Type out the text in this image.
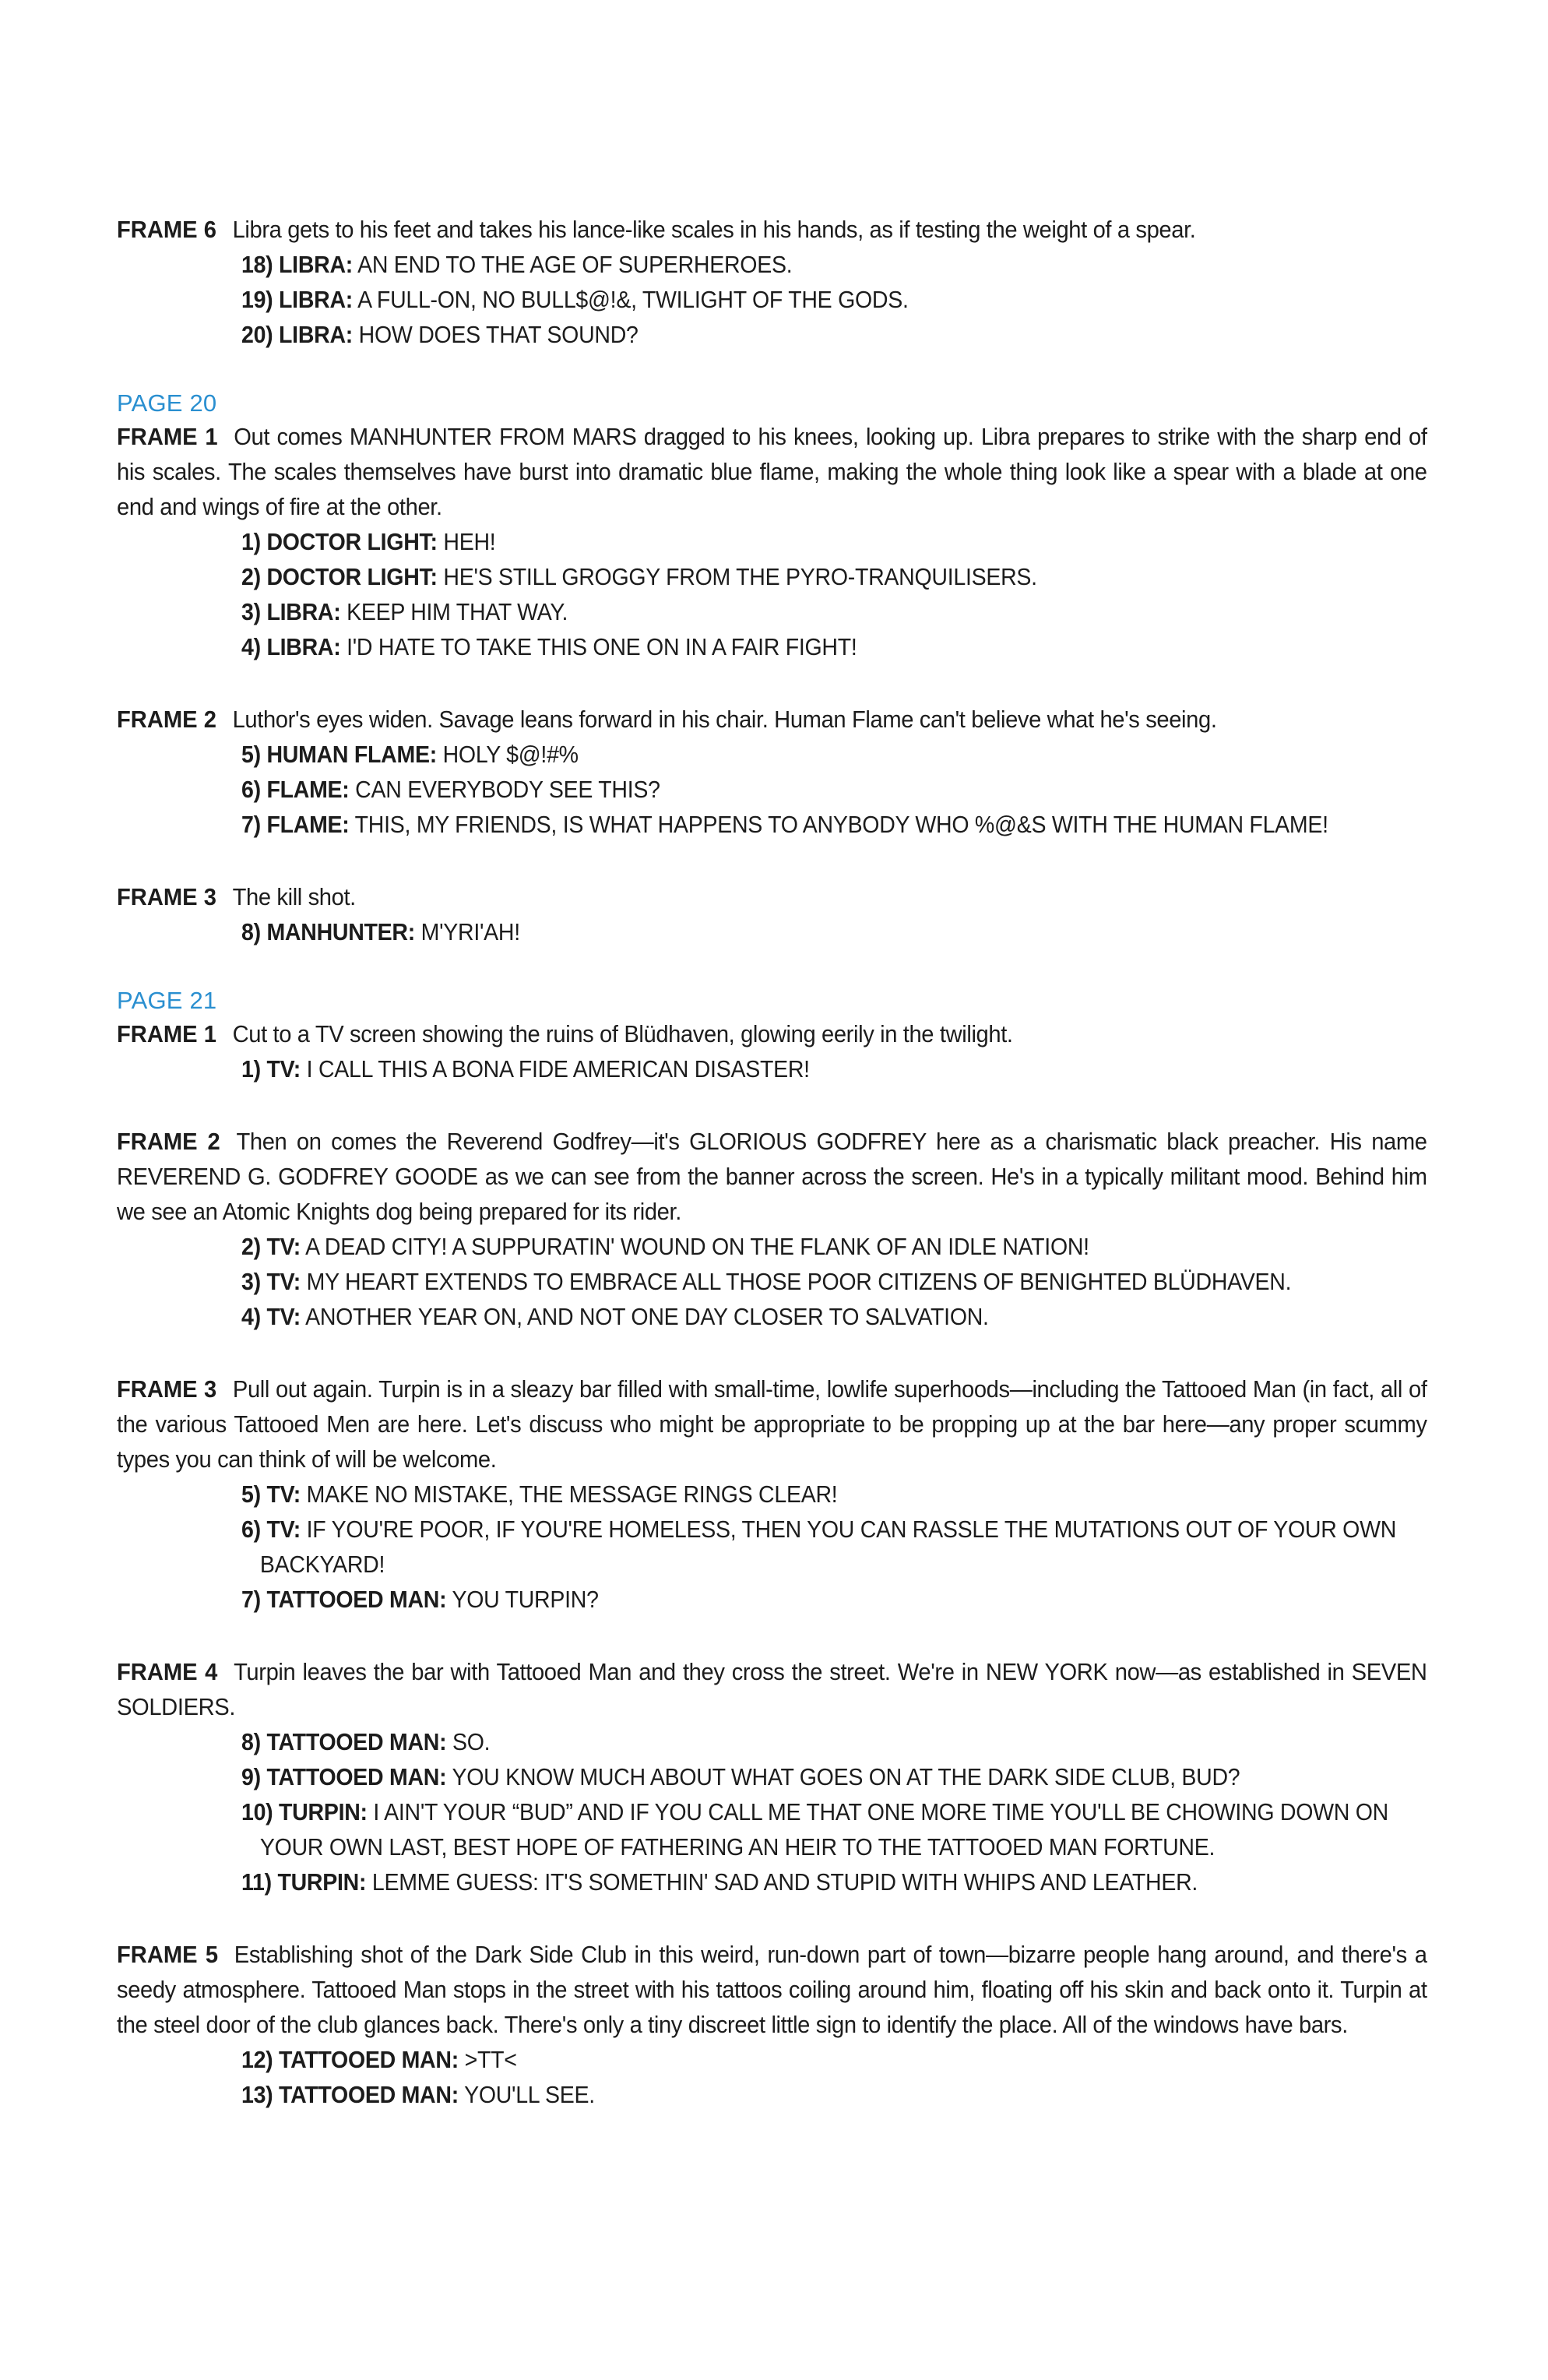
FRAME 6 Libra gets to his feet and takes his lance-like scales in his hands, as if testing the weight of a spear.
18) LIBRA: AN END TO THE AGE OF SUPERHEROES.
19) LIBRA: A FULL-ON, NO BULL$@!&, TWILIGHT OF THE GODS.
20) LIBRA: HOW DOES THAT SOUND?
PAGE 20
FRAME 1 Out comes MANHUNTER FROM MARS dragged to his knees, looking up. Libra prepares to strike with the sharp end of his scales. The scales themselves have burst into dramatic blue flame, making the whole thing look like a spear with a blade at one end and wings of fire at the other.
1) DOCTOR LIGHT: HEH!
2) DOCTOR LIGHT: HE'S STILL GROGGY FROM THE PYRO-TRANQUILISERS.
3) LIBRA: KEEP HIM THAT WAY.
4) LIBRA: I'D HATE TO TAKE THIS ONE ON IN A FAIR FIGHT!
FRAME 2 Luthor's eyes widen. Savage leans forward in his chair. Human Flame can't believe what he's seeing.
5) HUMAN FLAME: HOLY $@!#%
6) FLAME: CAN EVERYBODY SEE THIS?
7) FLAME: THIS, MY FRIENDS, IS WHAT HAPPENS TO ANYBODY WHO %@&S WITH THE HUMAN FLAME!
FRAME 3 The kill shot.
8) MANHUNTER: M'YRI'AH!
PAGE 21
FRAME 1 Cut to a TV screen showing the ruins of Blüdhaven, glowing eerily in the twilight.
1) TV: I CALL THIS A BONA FIDE AMERICAN DISASTER!
FRAME 2 Then on comes the Reverend Godfrey—it's GLORIOUS GODFREY here as a charismatic black preacher. His name REVEREND G. GODFREY GOODE as we can see from the banner across the screen. He's in a typically militant mood. Behind him we see an Atomic Knights dog being prepared for its rider.
2) TV: A DEAD CITY! A SUPPURATIN' WOUND ON THE FLANK OF AN IDLE NATION!
3) TV: MY HEART EXTENDS TO EMBRACE ALL THOSE POOR CITIZENS OF BENIGHTED BLÜDHAVEN.
4) TV: ANOTHER YEAR ON, AND NOT ONE DAY CLOSER TO SALVATION.
FRAME 3 Pull out again. Turpin is in a sleazy bar filled with small-time, lowlife superhoods—including the Tattooed Man (in fact, all of the various Tattooed Men are here. Let's discuss who might be appropriate to be propping up at the bar here—any proper scummy types you can think of will be welcome.
5) TV: MAKE NO MISTAKE, THE MESSAGE RINGS CLEAR!
6) TV: IF YOU'RE POOR, IF YOU'RE HOMELESS, THEN YOU CAN RASSLE THE MUTATIONS OUT OF YOUR OWN BACKYARD!
7) TATTOOED MAN: YOU TURPIN?
FRAME 4 Turpin leaves the bar with Tattooed Man and they cross the street. We're in NEW YORK now—as established in SEVEN SOLDIERS.
8) TATTOOED MAN: SO.
9) TATTOOED MAN: YOU KNOW MUCH ABOUT WHAT GOES ON AT THE DARK SIDE CLUB, BUD?
10) TURPIN: I AIN'T YOUR “BUD” AND IF YOU CALL ME THAT ONE MORE TIME YOU'LL BE CHOWING DOWN ON YOUR OWN LAST, BEST HOPE OF FATHERING AN HEIR TO THE TATTOOED MAN FORTUNE.
11) TURPIN: LEMME GUESS: IT'S SOMETHIN' SAD AND STUPID WITH WHIPS AND LEATHER.
FRAME 5 Establishing shot of the Dark Side Club in this weird, run-down part of town—bizarre people hang around, and there's a seedy atmosphere. Tattooed Man stops in the street with his tattoos coiling around him, floating off his skin and back onto it. Turpin at the steel door of the club glances back. There's only a tiny discreet little sign to identify the place. All of the windows have bars.
12) TATTOOED MAN: >TT<
13) TATTOOED MAN: YOU'LL SEE.
